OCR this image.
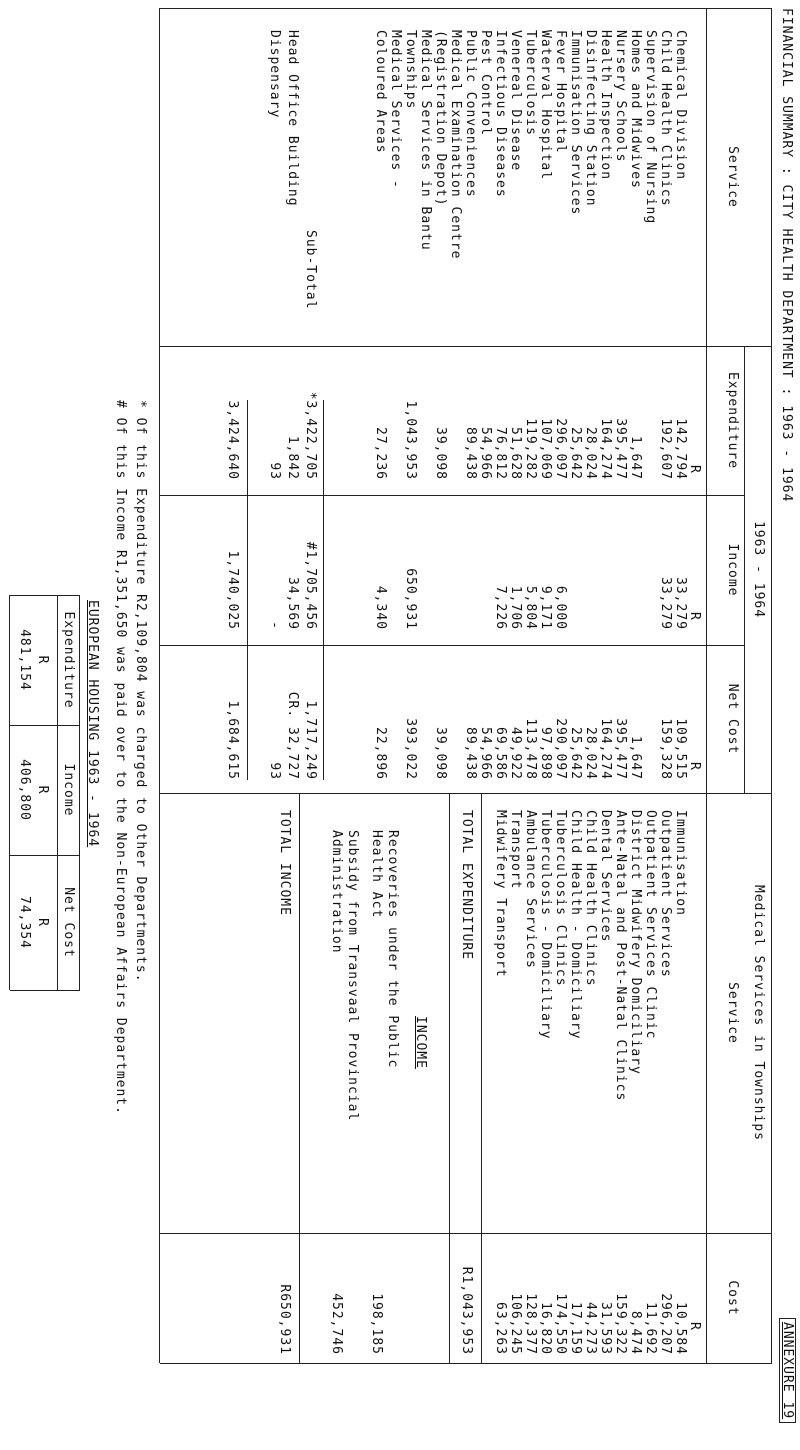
FINANCIAL SUMMARY : CITY HEALTH DEPARTMENT : 1963 - 1964
ANNEXURE 19
Service
1963 - 1964
Expenditure
Income
Net Cost
R
R
R
Chemical Division
142,794
33,279
109,515
Child Health Clinics
192,607
33,279
159,328
Supervision of Nursing
Homes and Midwives
1,647
1,647
Nursery Schools
395,477
395,477
Health Inspection
164,274
164,274
Disinfecting Station
28,024
28,024
Immunisation Services
25,642
25,642
Fever Hospital
296,097
6,000
290,097
Waterval Hospital
107,069
9,171
97,898
Tuberculosis
119,282
5,804
113,478
Venereal Disease
51,628
1,706
49,922
Infectious Diseases
76,812
7,226
69,586
Pest Control
54,966
54,966
Public Conveniences
89,438
89,438
Medical Examination Centre
(Registration Depot)
39,098
39,098
Medical Services in Bantu
Townships
1,043,953
650,931
393,022
Medical Services -
Coloured Areas
27,236
4,340
22,896
Sub-Total
*3,422,705
#1,705,456
1,717,249
Head Office Building
1,842
34,569
CR. 32,727
Dispensary
93
-
93
3,424,640
1,740,025
1,684,615
* Of this Expenditure R2,109,804 was charged to Other Departments.
# Of this Income R1,351,650 was paid over to the Non-European Affairs Department.
EUROPEAN HOUSING 1963 - 1964
Expenditure
Income
Net Cost
R
R
R
481,154
406,800
74,354	Medical Services in Townships
Service
Cost
R
Immunisation
10,584
Outpatient Services
296,207
Outpatient Services Clinic
11,692
District Midwifery Domiciliary
8,474
Ante-Natal and Post-Natal Clinics
159,322
Dental Services
31,593
Child Health Clinics
44,273
Child Health - Domiciliary
17,159
Tuberculosis Clinics
174,550
Tuberculosis - Domiciliary
16,820
Ambulance Services
128,377
Transport
106,245
Midwifery Transport
63,263
TOTAL EXPENDITURE
R1,043,953
INCOME
Recoveries under the Public
Health Act
198,185
Subsidy from Transvaal Provincial
Administration
452,746
TOTAL INCOME
R650,931
